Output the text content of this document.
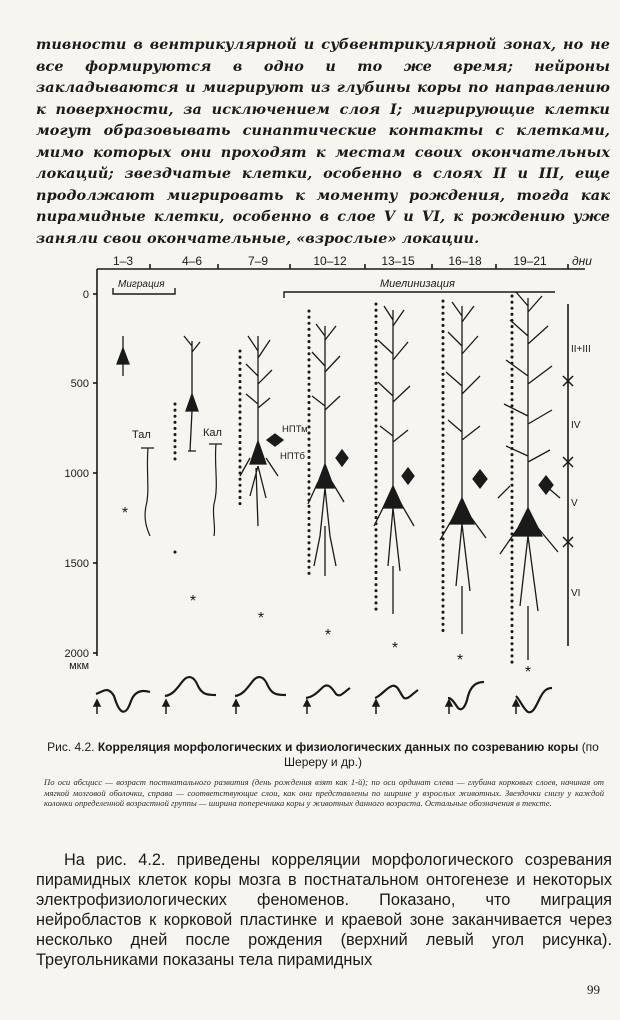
тивности в вентрикулярной и субвентрикулярной зонах, но не все формируются в одно и то же время; нейроны закладываются и мигрируют из глубины коры по направлению к поверхности, за исключением слоя I; мигрирующие клетки могут образовывать синаптические контакты с клетками, мимо которых они проходят к местам своих окончательных локаций; звездчатые клетки, особенно в слоях II и III, еще продолжают мигрировать к моменту рождения, тогда как пирамидные клетки, особенно в слое V и VI, к рождению уже заняли свои окончательные, «взрослые» локации.

1–3	4–6	7–9	10–12	13–15	16–18	19–21 дни
0
500
1000
1500
2000
мкм
Миграция	Миелинизация
II+III
IV
V
VI
Тал	Кал	НПТм
НПТб
*
*
*
*
*
*
*
Рис. 4.2. Корреляция морфологических и физиологических данных по созреванию коры (по Шереру и др.)
По оси абсцисс — возраст постнатального развития (день рождения взят как 1-й); по оси ординат слева — глубина корковых слоев, начиная от мягкой мозговой оболочки, справа — соответствующие слои, как они представлены по ширине у взрослых животных. Звездочки снизу у каждой колонки определенной возрастной группы — ширина поперечника коры у животных данного возраста. Остальные обозначения в тексте.

На рис. 4.2. приведены корреляции морфологического созревания пирамидных клеток коры мозга в постнатальном онтогенезе и некоторых электрофизиологических феноменов. Показано, что миграция нейробластов к корковой пластинке и краевой зоне заканчивается через несколько дней после рождения (верхний левый угол рисунка). Треугольниками показаны тела пирамидных

99
